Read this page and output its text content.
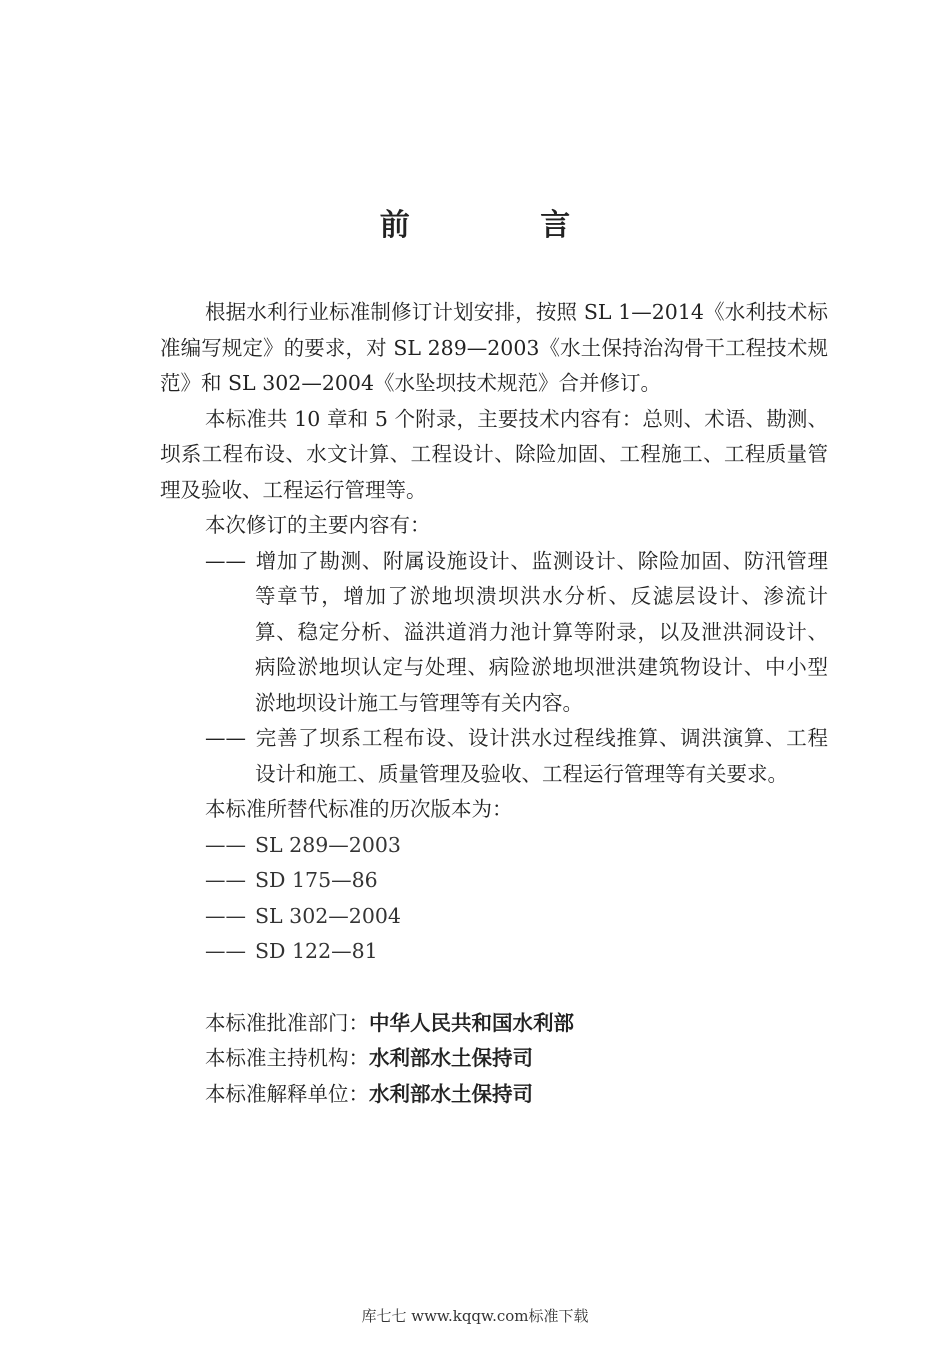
前 言

根据水利行业标准制修订计划安排，按照 SL 1—2014《水利技术标准编写规定》的要求，对 SL 289—2003《水土保持治沟骨干工程技术规范》和 SL 302—2004《水坠坝技术规范》合并修订。

本标准共 10 章和 5 个附录，主要技术内容有：总则、术语、勘测、坝系工程布设、水文计算、工程设计、除险加固、工程施工、工程质量管理及验收、工程运行管理等。

本次修订的主要内容有：

—— 增加了勘测、附属设施设计、监测设计、除险加固、防汛管理等章节，增加了淤地坝溃坝洪水分析、反滤层设计、渗流计算、稳定分析、溢洪道消力池计算等附录，以及泄洪洞设计、病险淤地坝认定与处理、病险淤地坝泄洪建筑物设计、中小型淤地坝设计施工与管理等有关内容。

—— 完善了坝系工程布设、设计洪水过程线推算、调洪演算、工程设计和施工、质量管理及验收、工程运行管理等有关要求。

本标准所替代标准的历次版本为：

—— SL 289—2003
—— SD 175—86
—— SL 302—2004
—— SD 122—81
本标准批准部门：中华人民共和国水利部
本标准主持机构：水利部水土保持司
本标准解释单位：水利部水土保持司
库七七 www.kqqw.com标准下载
